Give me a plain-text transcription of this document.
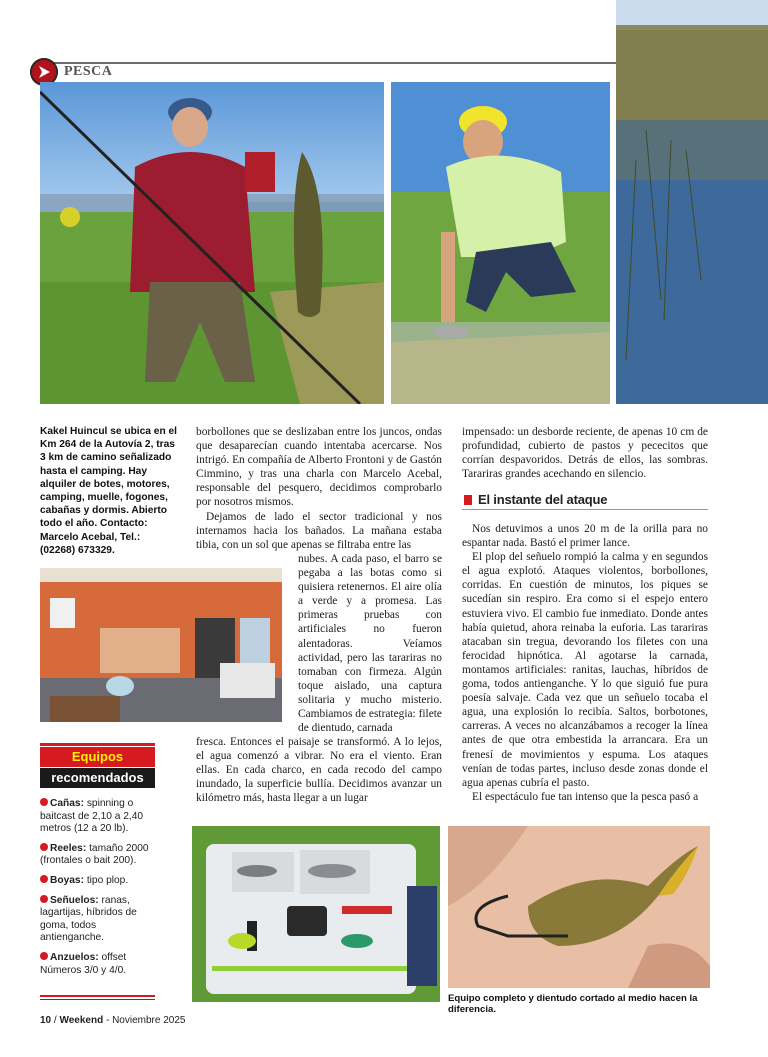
PESCA
Kakel Huincul se ubica en el Km 264 de la Autovía 2, tras 3 km de camino señalizado hasta el camping. Hay alquiler de botes, motores, camping, muelle, fogones, cabañas y dormis. Abierto todo el año. Contacto: Marcelo Acebal, Tel.: (02268) 673329.

borbollones que se deslizaban entre los juncos, ondas que desaparecían cuando intentaba acercarse. Nos intrigó. En compañía de Alberto Frontoni y de Gastón Cimmino, y tras una charla con Marcelo Acebal, responsable del pesquero, decidimos comprobarlo por nosotros mismos.

Dejamos de lado el sector tradicional y nos internamos hacia los bañados. La mañana estaba tibia, con un sol que apenas se filtraba entre las

nubes. A cada paso, el barro se pegaba a las botas como si quisiera retenernos. El aire olía a verde y a promesa. Las primeras pruebas con artificiales no fueron alentadoras. Veíamos actividad, pero las tarariras no tomaban con firmeza. Algún toque aislado, una captura solitaria y mucho misterio. Cambiamos de estrategia: filete de dientudo, carnada

fresca. Entonces el paisaje se transformó. A lo lejos, el agua comenzó a vibrar. No era el viento. Eran ellas. En cada charco, en cada recodo del campo inundado, la superficie bullía. Decidimos avanzar un kilómetro más, hasta llegar a un lugar

impensado: un desborde reciente, de apenas 10 cm de profundidad, cubierto de pastos y pececitos que corrían despavoridos. Detrás de ellos, las sombras. Tarariras grandes acechando en silencio.

El instante del ataque

Nos detuvimos a unos 20 m de la orilla para no espantar nada. Bastó el primer lance.

El plop del señuelo rompió la calma y en segundos el agua explotó. Ataques violentos, borbollones, corridas. En cuestión de minutos, los piques se sucedían sin respiro. Era como si el espejo entero estuviera vivo. El cambio fue inmediato. Donde antes había quietud, ahora reinaba la euforia. Las tarariras atacaban sin tregua, devorando los filetes con una ferocidad hipnótica. Al agotarse la carnada, montamos artificiales: ranitas, lauchas, híbridos de goma, todos antienganche. Y lo que siguió fue pura poesía salvaje. Cada vez que un señuelo tocaba el agua, una explosión lo recibía. Saltos, borbotones, carreras. A veces no alcanzábamos a recoger la línea antes de que otra embestida la arrancara. Era un frenesí de movimientos y espuma. Los ataques venían de todas partes, incluso desde zonas donde el agua apenas cubría el pasto.

El espectáculo fue tan intenso que la pesca pasó a

Equipos
recomendados
Cañas: spinning o baitcast de 2,10 a 2,40 metros (12 a 20 lb).
Reeles: tamaño 2000 (frontales o bait 200).
Boyas: tipo plop.
Señuelos: ranas, lagartijas, híbridos de goma, todos antienganche.
Anzuelos: offset Números 3/0 y 4/0.
Equipo completo y dientudo cortado al medio hacen la diferencia.
10 / Weekend - Noviembre 2025
